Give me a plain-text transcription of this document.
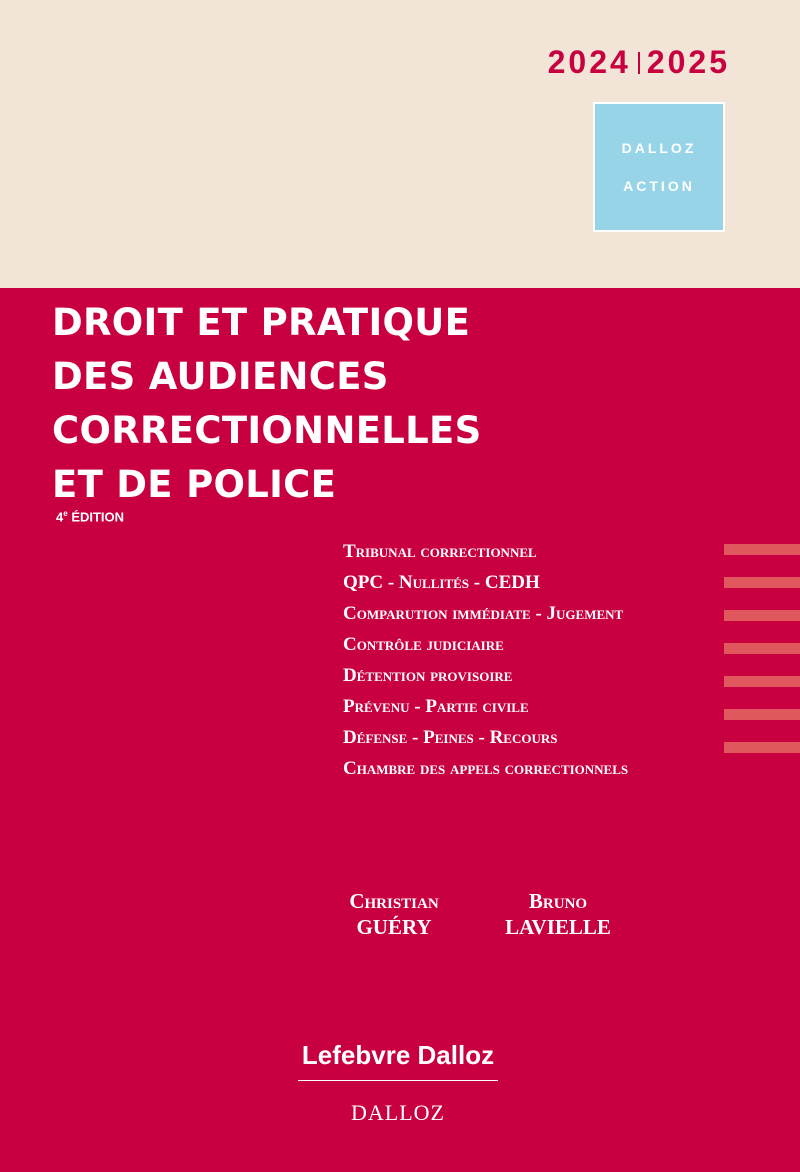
2024 2025
DALLOZ
ACTION
DROIT ET PRATIQUE
DES AUDIENCES
CORRECTIONNELLES
ET DE POLICE
4e ÉDITION
Tribunal correctionnel
QPC - Nullités - CEDH
Comparution immédiate - Jugement
Contrôle judiciaire
Détention provisoire
Prévenu - Partie civile
Défense - Peines - Recours
Chambre des appels correctionnels
Christian
GUÉRY
Bruno
LAVIELLE
Lefebvre Dalloz
DALLOZ
